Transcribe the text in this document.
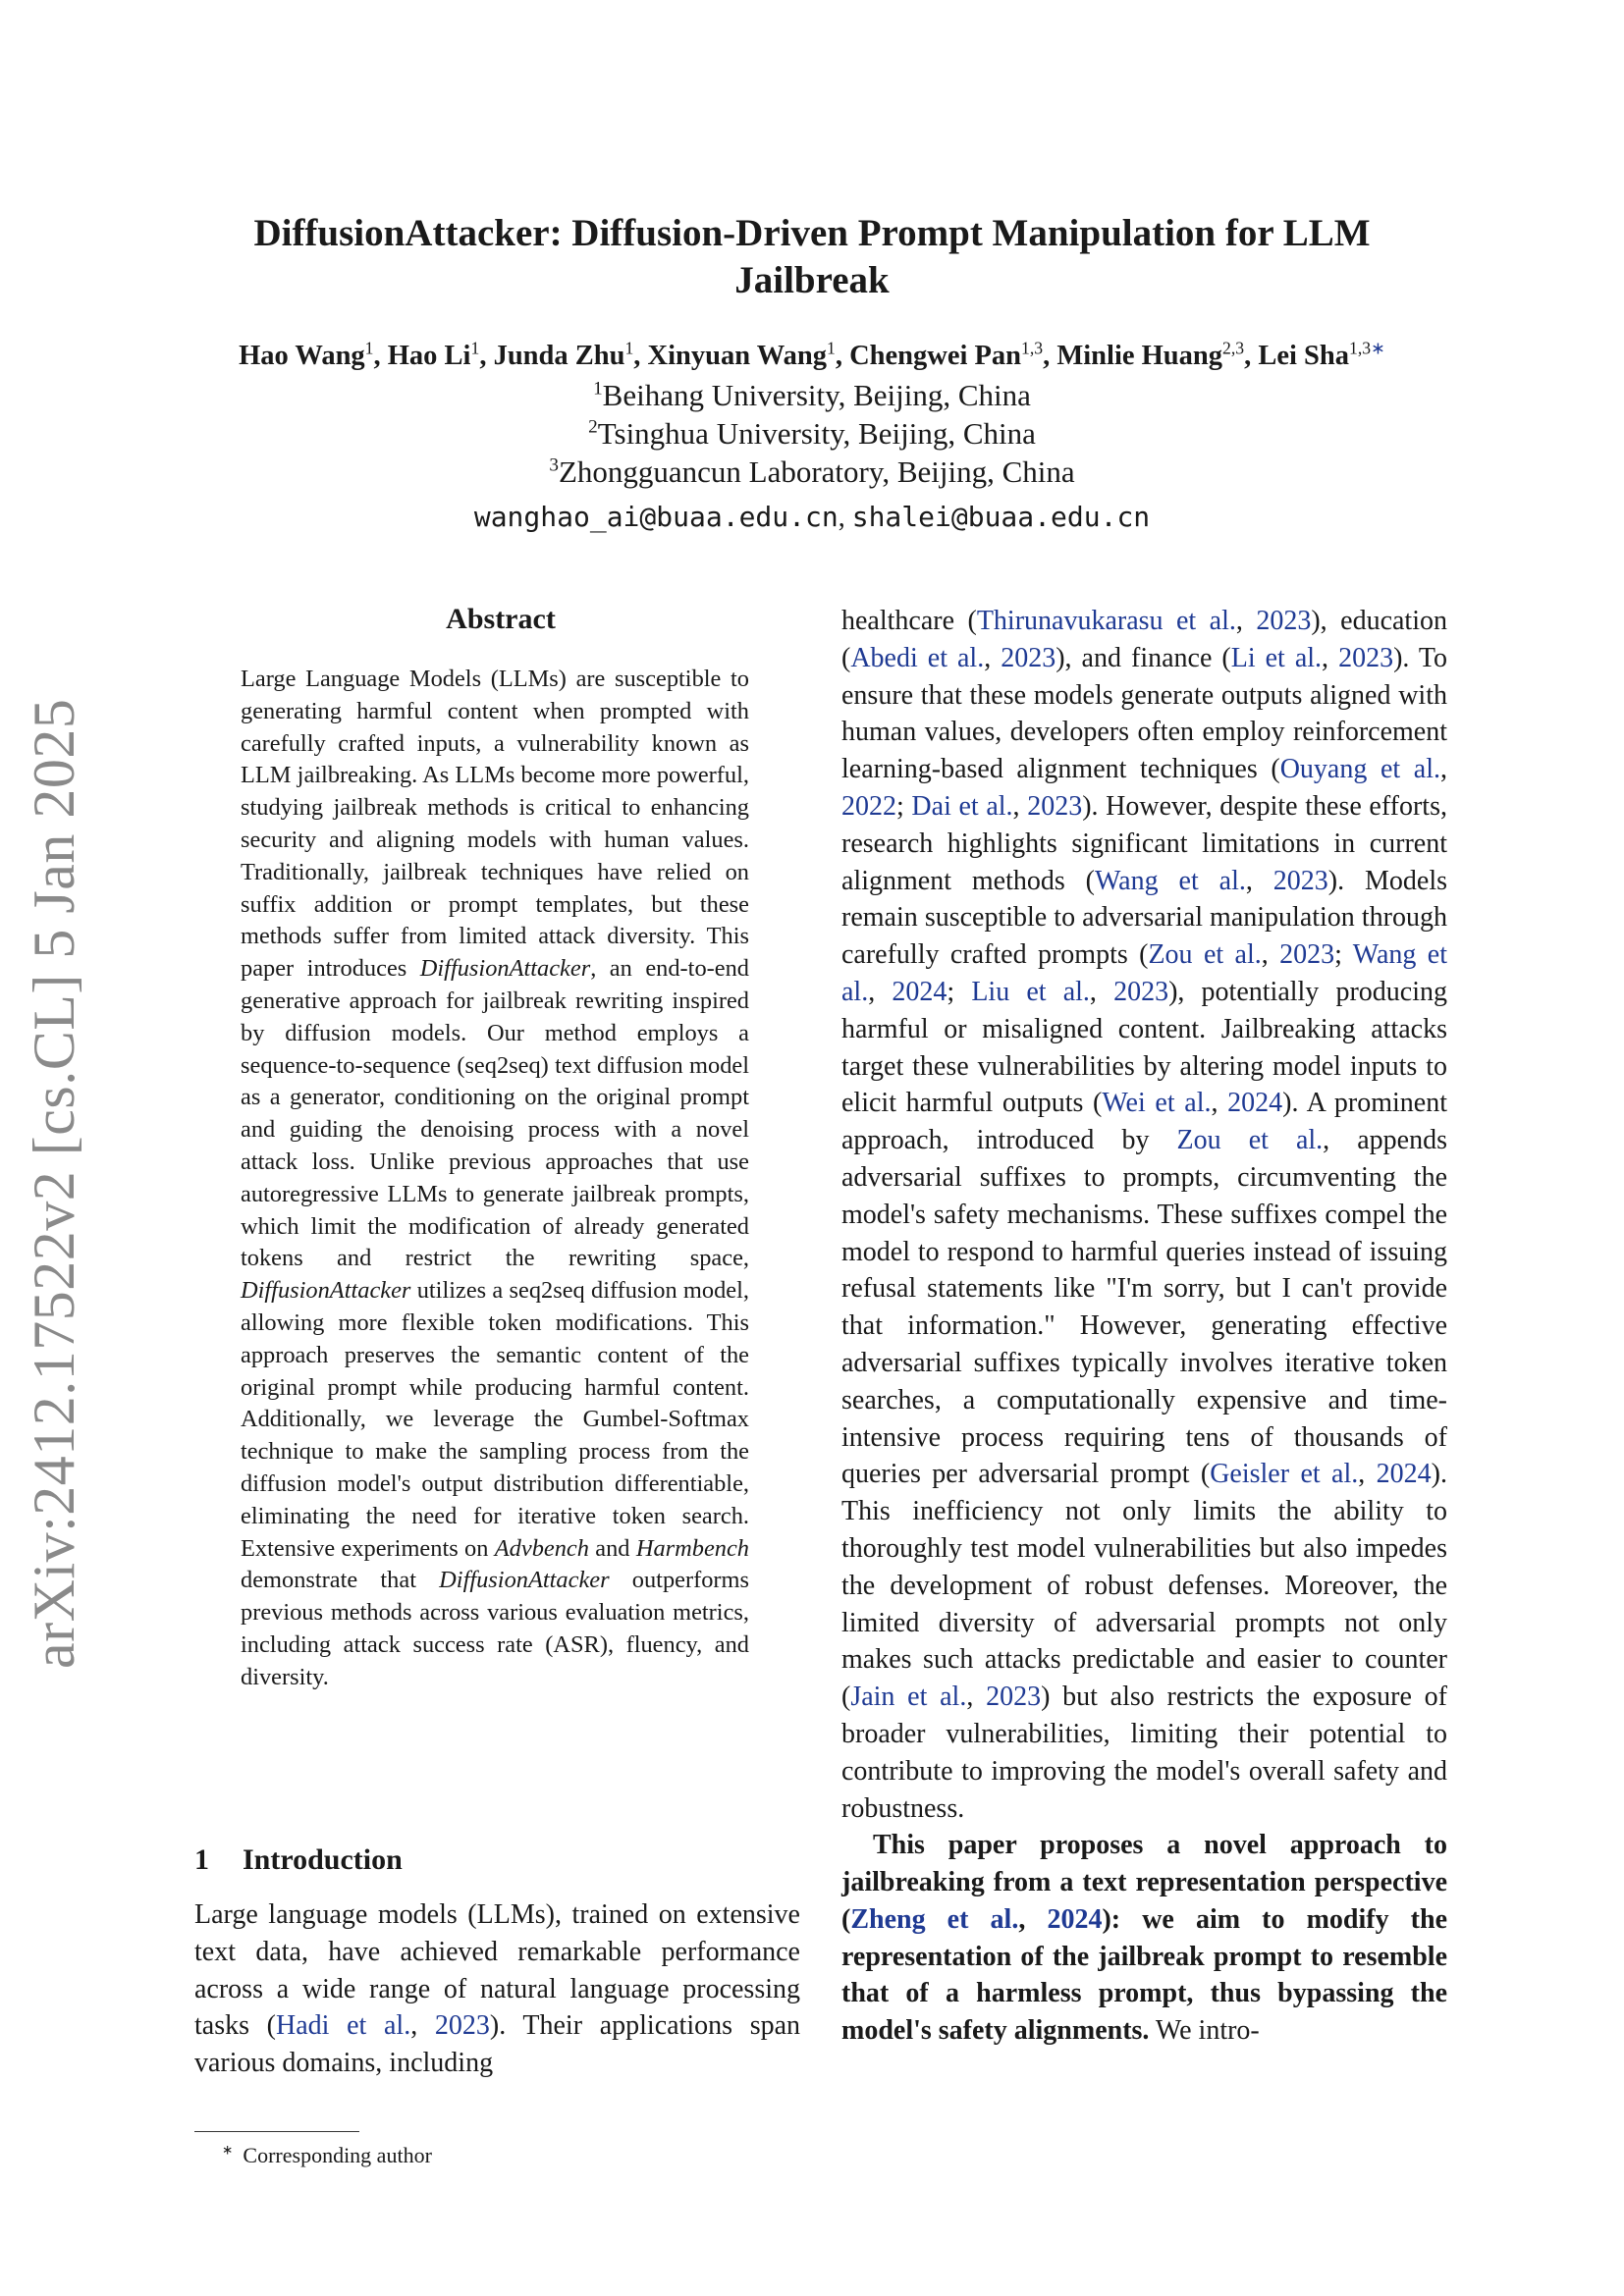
arXiv:2412.17522v2 [cs.CL] 5 Jan 2025
DiffusionAttacker: Diffusion-Driven Prompt Manipulation for LLM
Jailbreak
Hao Wang$^1$, Hao Li$^1$, Junda Zhu$^1$, Xinyuan Wang$^1$, Chengwei Pan$^{1,3}$, Minlie Huang$^{2,3}$, Lei Sha$^{1,3∗}$
$^1$Beihang University, Beijing, China
$^2$Tsinghua University, Beijing, China
$^3$Zhongguancun Laboratory, Beijing, China
wanghao_ai@buaa.edu.cn, shalei@buaa.edu.cn
Abstract
Large Language Models (LLMs) are susceptible to generating harmful content when prompted with carefully crafted inputs, a vulnerability known as LLM jailbreaking. As LLMs become more powerful, studying jailbreak methods is critical to enhancing security and aligning models with human values. Traditionally, jailbreak techniques have relied on suffix addition or prompt templates, but these methods suffer from limited attack diversity. This paper introduces DiffusionAttacker, an end-to-end generative approach for jailbreak rewriting inspired by diffusion models. Our method employs a sequence-to-sequence (seq2seq) text diffusion model as a generator, conditioning on the original prompt and guiding the denoising process with a novel attack loss. Unlike previous approaches that use autoregressive LLMs to generate jailbreak prompts, which limit the modification of already generated tokens and restrict the rewriting space, DiffusionAttacker utilizes a seq2seq diffusion model, allowing more flexible token modifications. This approach preserves the semantic content of the original prompt while producing harmful content. Additionally, we leverage the Gumbel-Softmax technique to make the sampling process from the diffusion model's output distribution differentiable, eliminating the need for iterative token search. Extensive experiments on Advbench and Harmbench demonstrate that DiffusionAttacker outperforms previous methods across various evaluation metrics, including attack success rate (ASR), fluency, and diversity.
1 Introduction
Large language models (LLMs), trained on extensive text data, have achieved remarkable performance across a wide range of natural language processing tasks (Hadi et al., 2023). Their applications span various domains, including
∗ Corresponding author

healthcare (Thirunavukarasu et al., 2023), education (Abedi et al., 2023), and finance (Li et al., 2023). To ensure that these models generate outputs aligned with human values, developers often employ reinforcement learning-based alignment techniques (Ouyang et al., 2022; Dai et al., 2023). However, despite these efforts, research highlights significant limitations in current alignment methods (Wang et al., 2023). Models remain susceptible to adversarial manipulation through carefully crafted prompts (Zou et al., 2023; Wang et al., 2024; Liu et al., 2023), potentially producing harmful or misaligned content. Jailbreaking attacks target these vulnerabilities by altering model inputs to elicit harmful outputs (Wei et al., 2024). A prominent approach, introduced by Zou et al., appends adversarial suffixes to prompts, circumventing the model's safety mechanisms. These suffixes compel the model to respond to harmful queries instead of issuing refusal statements like "I'm sorry, but I can't provide that information." However, generating effective adversarial suffixes typically involves iterative token searches, a computationally expensive and time-intensive process requiring tens of thousands of queries per adversarial prompt (Geisler et al., 2024). This inefficiency not only limits the ability to thoroughly test model vulnerabilities but also impedes the development of robust defenses. Moreover, the limited diversity of adversarial prompts not only makes such attacks predictable and easier to counter (Jain et al., 2023) but also restricts the exposure of broader vulnerabilities, limiting their potential to contribute to improving the model's overall safety and robustness.

This paper proposes a novel approach to jailbreaking from a text representation perspective (Zheng et al., 2024): we aim to modify the representation of the jailbreak prompt to resemble that of a harmless prompt, thus bypassing the model's safety alignments. We intro-
